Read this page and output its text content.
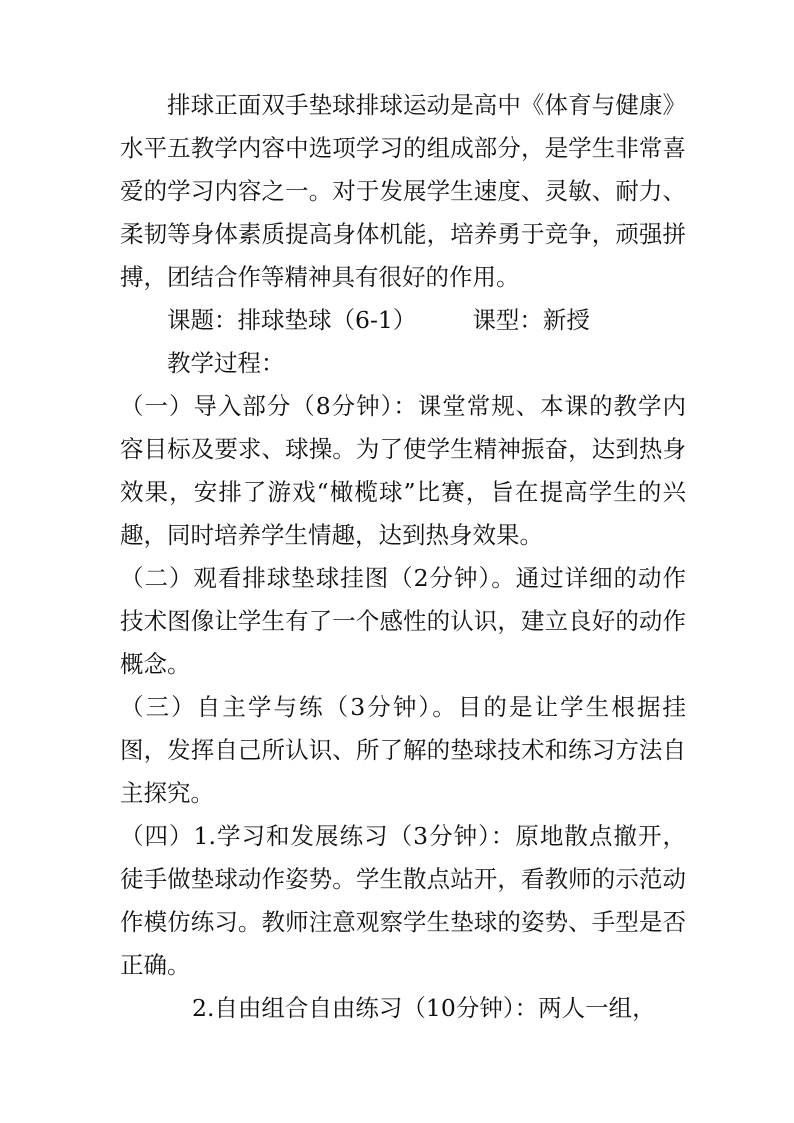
排球正面双手垫球排球运动是高中《体育与健康》水平五教学内容中选项学习的组成部分，是学生非常喜爱的学习内容之一。对于发展学生速度、灵敏、耐力、柔韧等身体素质提高身体机能，培养勇于竞争，顽强拼搏，团结合作等精神具有很好的作用。

课题：排球垫球（6-1） 课型：新授

教学过程：

（一）导入部分（8分钟）：课堂常规、本课的教学内容目标及要求、球操。为了使学生精神振奋，达到热身效果，安排了游戏“橄榄球”比赛，旨在提高学生的兴趣，同时培养学生情趣，达到热身效果。

（二）观看排球垫球挂图（2分钟）。通过详细的动作技术图像让学生有了一个感性的认识，建立良好的动作概念。

（三）自主学与练（3分钟）。目的是让学生根据挂图，发挥自己所认识、所了解的垫球技术和练习方法自主探究。

（四）1.学习和发展练习（3分钟）：原地散点撤开，徒手做垫球动作姿势。学生散点站开，看教师的示范动作模仿练习。教师注意观察学生垫球的姿势、手型是否正确。

2.自由组合自由练习（10分钟）：两人一组，
